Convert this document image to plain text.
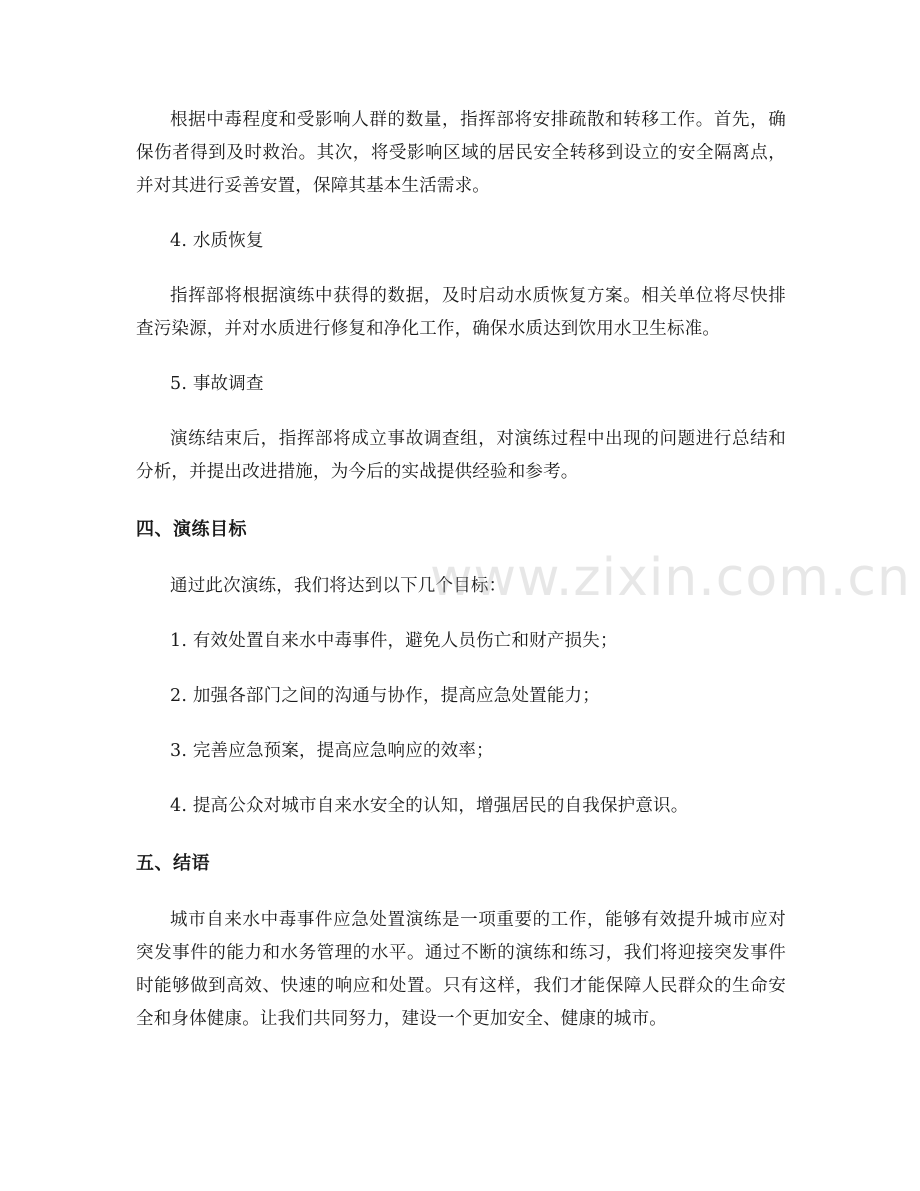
根据中毒程度和受影响人群的数量，指挥部将安排疏散和转移工作。首先，确保伤者得到及时救治。其次，将受影响区域的居民安全转移到设立的安全隔离点，并对其进行妥善安置，保障其基本生活需求。

4. 水质恢复

指挥部将根据演练中获得的数据，及时启动水质恢复方案。相关单位将尽快排查污染源，并对水质进行修复和净化工作，确保水质达到饮用水卫生标准。

5. 事故调查

演练结束后，指挥部将成立事故调查组，对演练过程中出现的问题进行总结和分析，并提出改进措施，为今后的实战提供经验和参考。

四、演练目标

通过此次演练，我们将达到以下几个目标：

1. 有效处置自来水中毒事件，避免人员伤亡和财产损失；

2. 加强各部门之间的沟通与协作，提高应急处置能力；

3. 完善应急预案，提高应急响应的效率；

4. 提高公众对城市自来水安全的认知，增强居民的自我保护意识。

五、结语

城市自来水中毒事件应急处置演练是一项重要的工作，能够有效提升城市应对突发事件的能力和水务管理的水平。通过不断的演练和练习，我们将迎接突发事件时能够做到高效、快速的响应和处置。只有这样，我们才能保障人民群众的生命安全和身体健康。让我们共同努力，建设一个更加安全、健康的城市。

www.zixin.com.cn
